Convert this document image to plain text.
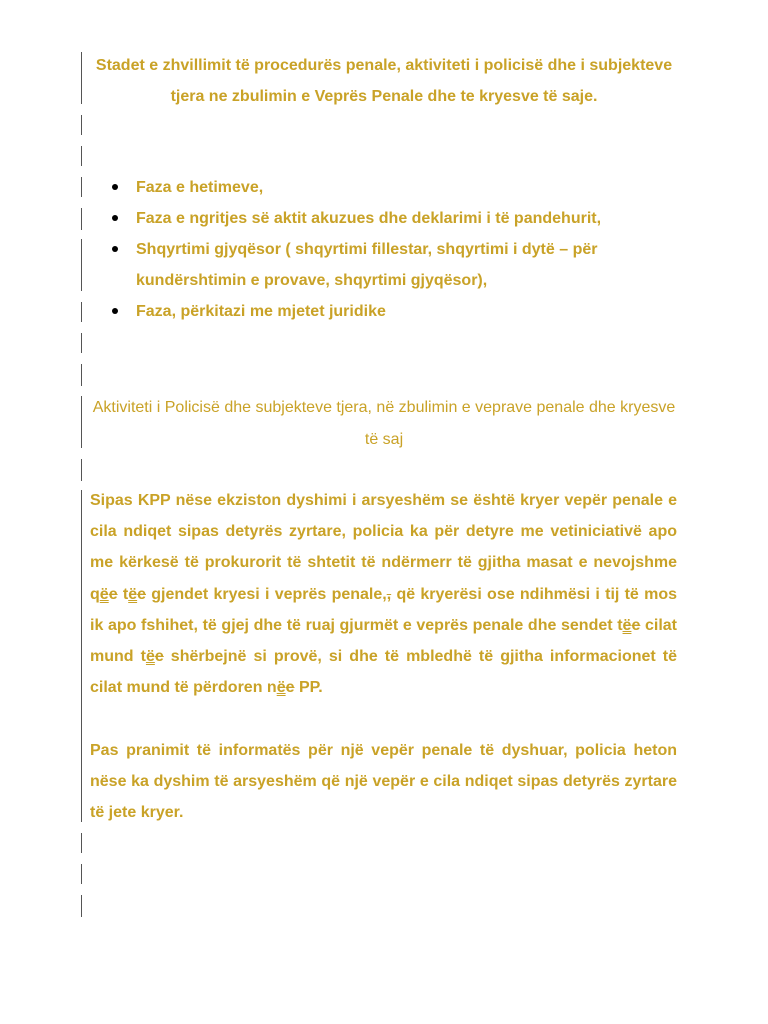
Stadet e zhvillimit të procedurës penale, aktiviteti i policisë dhe i subjekteve tjera ne zbulimin e Veprës Penale dhe te kryesve të saje.
Faza e hetimeve,
Faza e ngritjes së aktit akuzues dhe deklarimi i të pandehurit,
Shqyrtimi gjyqësor ( shqyrtimi fillestar, shqyrtimi i dytë – për kundërshtimin e provave, shqyrtimi gjyqësor),
Faza, përkitazi me mjetet juridike
Aktiviteti i Policisë dhe subjekteve tjera, në zbulimin e veprave penale dhe kryesve të saj

Sipas KPP nëse ekziston dyshimi i arsyeshëm se është kryer vepër penale e cila ndiqet sipas detyrës zyrtare, policia ka për detyre me vetiniciativë apo me kërkesë të prokurorit të shtetit të ndërmerr të gjitha masat e nevojshme qëe tëe gjendet kryesi i veprës penale,, që kryerësi ose ndihmësi i tij të mos ik apo fshihet, të gjej dhe të ruaj gjurmët e veprës penale dhe sendet tëe cilat mund tëe shërbejnë si provë, si dhe të mbledhë të gjitha informacionet të cilat mund të përdoren nëe PP.

Pas pranimit të informatës për një vepër penale të dyshuar, policia heton nëse ka dyshim të arsyeshëm që një vepër e cila ndiqet sipas detyrës zyrtare të jete kryer.
